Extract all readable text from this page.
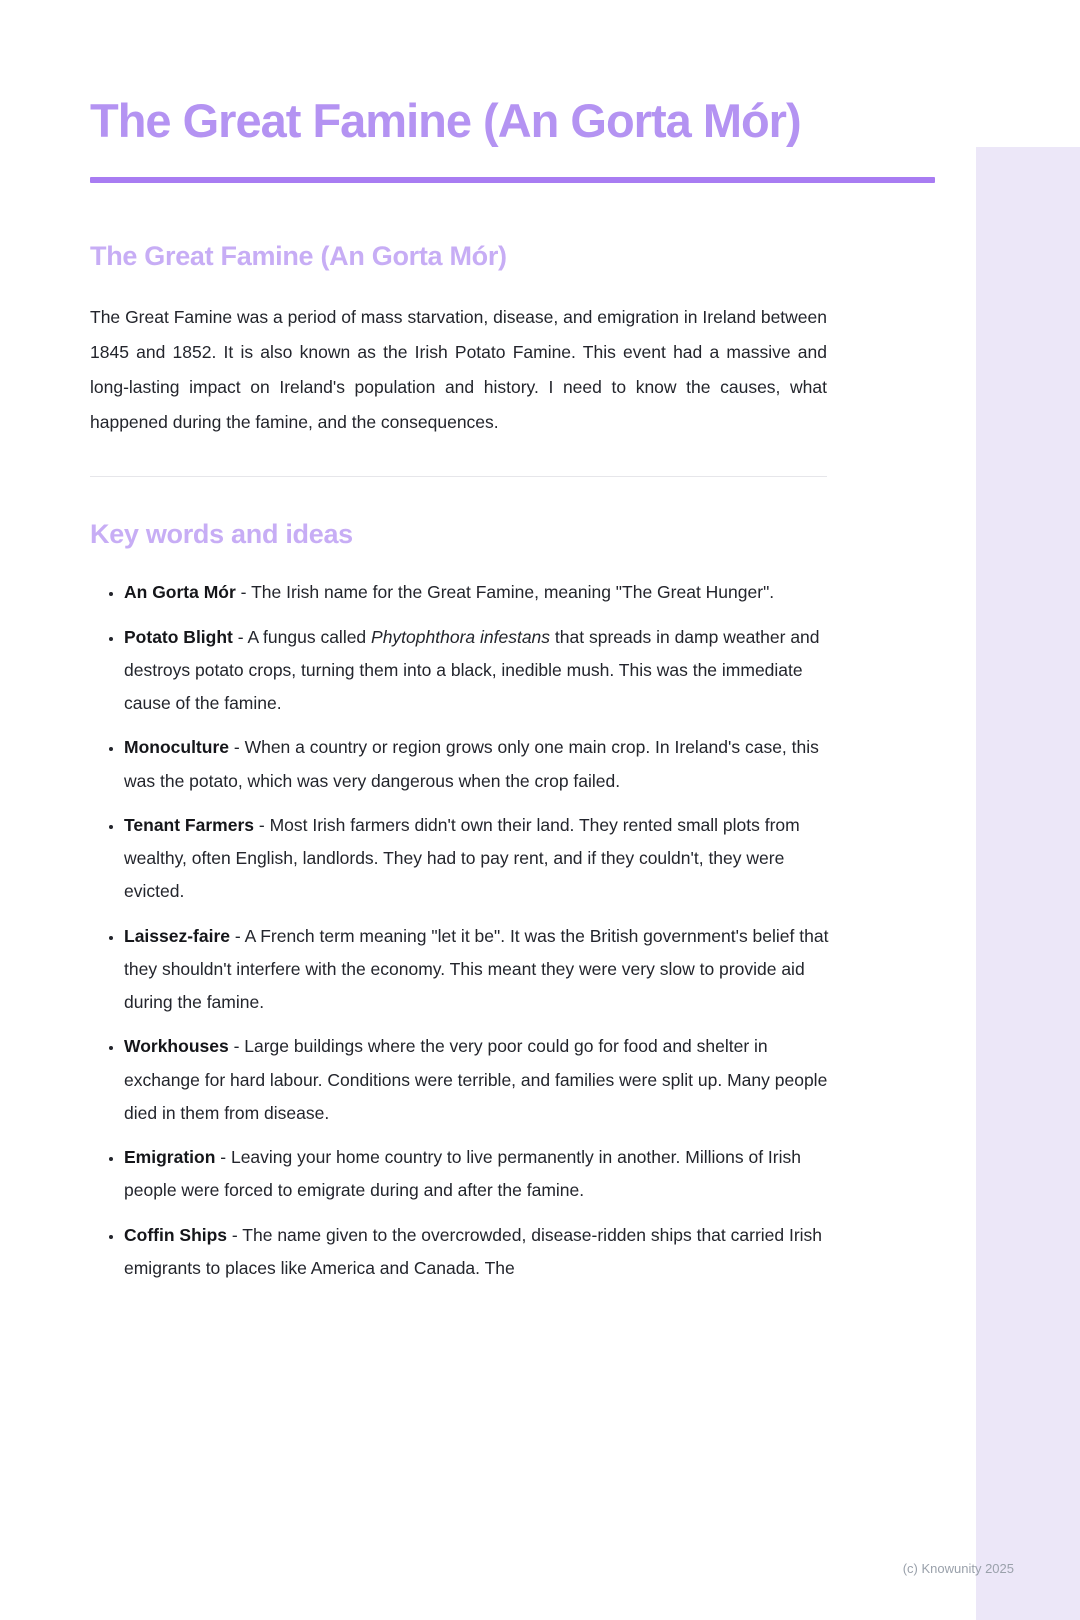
The Great Famine (An Gorta Mór)
The Great Famine (An Gorta Mór)

The Great Famine was a period of mass starvation, disease, and emigration in Ireland between 1845 and 1852. It is also known as the Irish Potato Famine. This event had a massive and long-lasting impact on Ireland's population and history. I need to know the causes, what happened during the famine, and the consequences.

Key words and ideas
• An Gorta Mór - The Irish name for the Great Famine, meaning "The Great Hunger".
• Potato Blight - A fungus called Phytophthora infestans that spreads in damp weather and destroys potato crops, turning them into a black, inedible mush. This was the immediate cause of the famine.
• Monoculture - When a country or region grows only one main crop. In Ireland's case, this was the potato, which was very dangerous when the crop failed.
• Tenant Farmers - Most Irish farmers didn't own their land. They rented small plots from wealthy, often English, landlords. They had to pay rent, and if they couldn't, they were evicted.
• Laissez-faire - A French term meaning "let it be". It was the British government's belief that they shouldn't interfere with the economy. This meant they were very slow to provide aid during the famine.
• Workhouses - Large buildings where the very poor could go for food and shelter in exchange for hard labour. Conditions were terrible, and families were split up. Many people died in them from disease.
• Emigration - Leaving your home country to live permanently in another. Millions of Irish people were forced to emigrate during and after the famine.
• Coffin Ships - The name given to the overcrowded, disease-ridden ships that carried Irish emigrants to places like America and Canada. The
(c) Knowunity 2025
